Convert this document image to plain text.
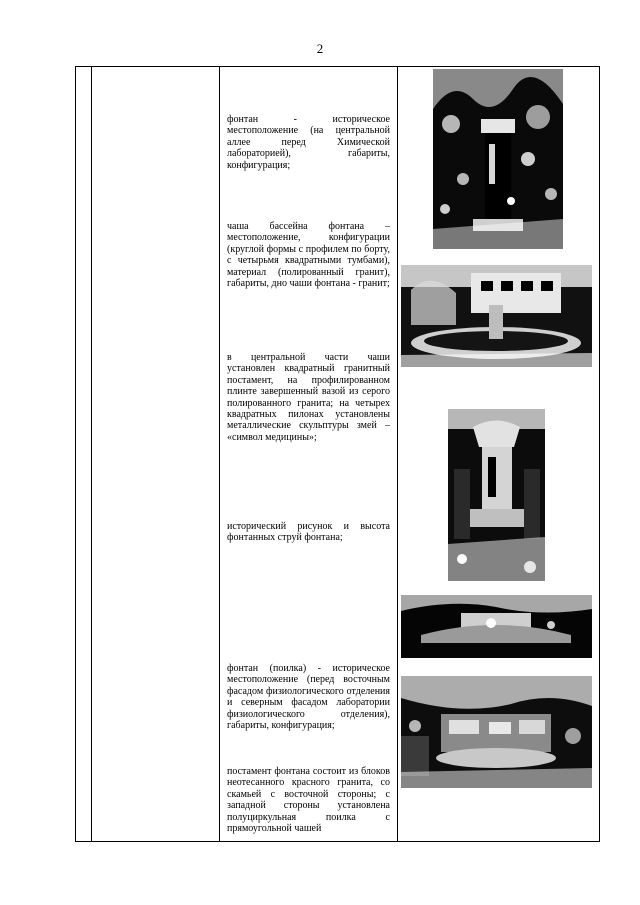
2
фонтан - историческое местоположение (на центральной аллее перед Химической лабораторией), габариты, конфигурация;
чаша бассейна фонтана – местоположение, конфигурации (круглой формы с профилем по борту, с четырьмя квадратными тумбами), материал (полированный гранит), габариты, дно чаши фонтана - гранит;
в центральной части чаши установлен квадратный гранитный постамент, на профилированном плинте завершенный вазой из серого полированного гранита; на четырех квадратных пилонах установлены металлические скульптуры змей – «символ медицины»;
исторический рисунок и высота фонтанных струй фонтана;
фонтан (поилка) - историческое местоположение (перед восточным фасадом физиологического отделения и северным фасадом лаборатории физиологического отделения), габариты, конфигурация;
постамент фонтана состоит из блоков неотесанного красного гранита, со скамьей с восточной стороны; с западной стороны установлена полуциркульная поилка с прямоугольной чашей
